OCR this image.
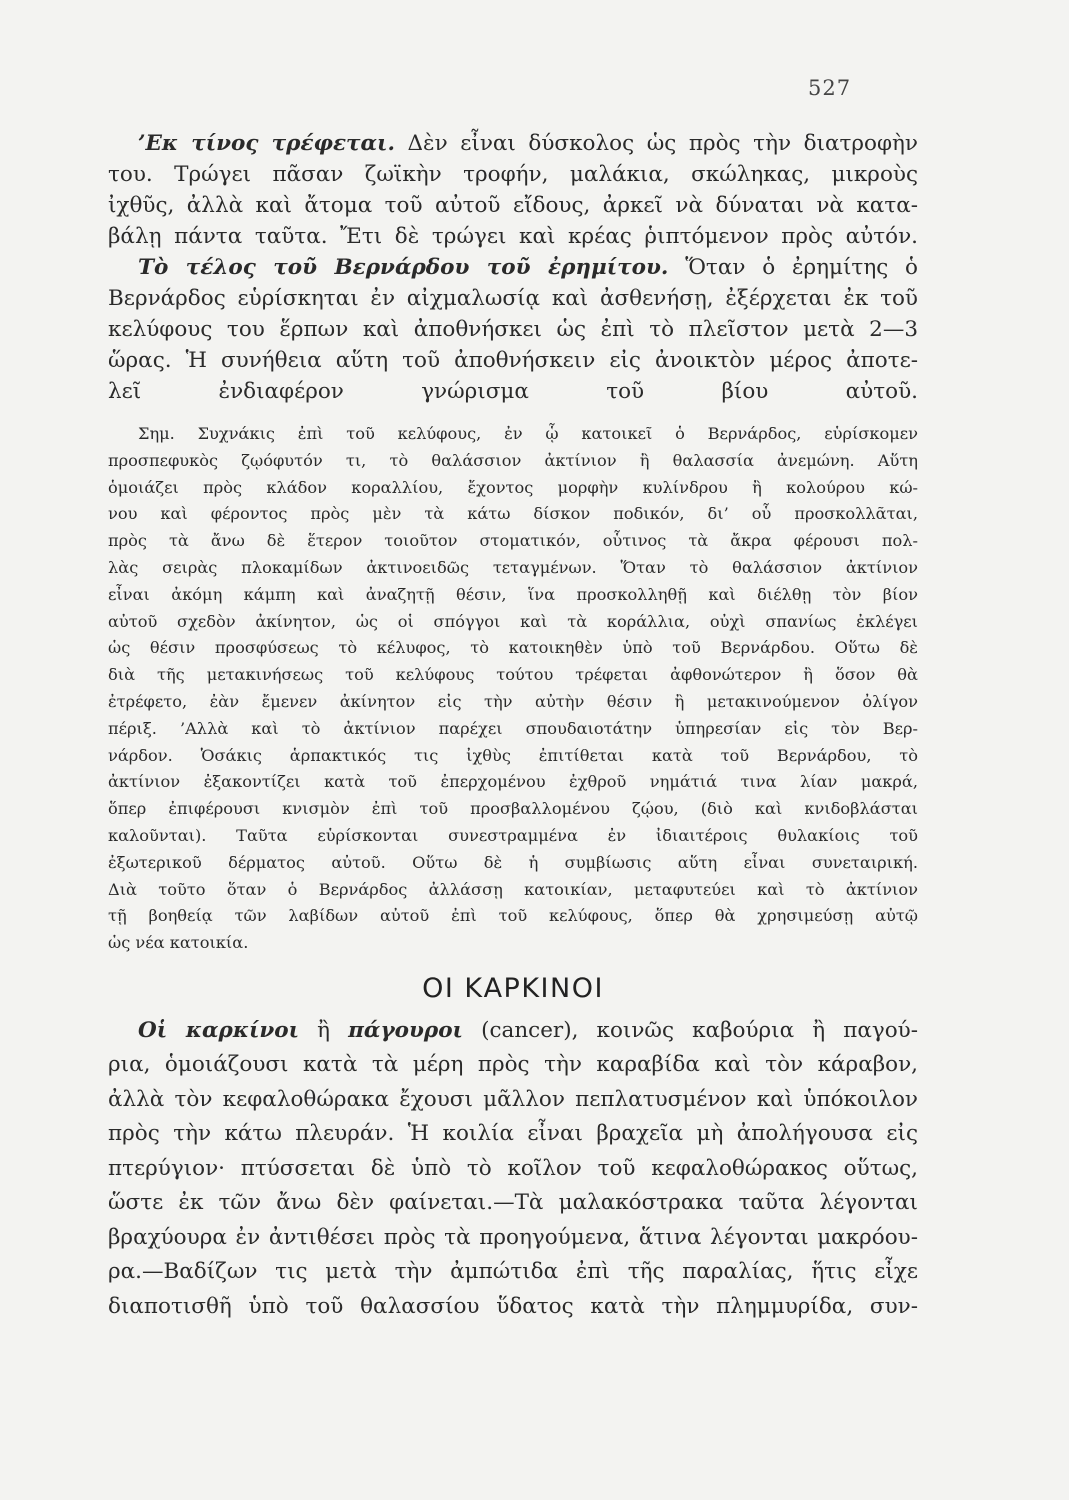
527
’Εκ τίνος τρέφεται. Δὲν εἶναι δύσκολος ὡς πρὸς τὴν διατροφὴν
του. Τρώγει πᾶσαν ζωϊκὴν τροφήν, μαλάκια, σκώληκας, μικροὺς
ἰχθῦς, ἀλλὰ καὶ ἄτομα τοῦ αὐτοῦ εἴδους, ἀρκεῖ νὰ δύναται νὰ κατα-
βάλῃ πάντα ταῦτα. Ἔτι δὲ τρώγει καὶ κρέας ῥιπτόμενον πρὸς αὐτόν.
Τὸ τέλος τοῦ Βερνάρδου τοῦ ἐρημίτου. Ὅταν ὁ ἐρημίτης ὁ
Βερνάρδος εὑρίσκηται ἐν αἰχμαλωσίᾳ καὶ ἀσθενήσῃ, ἐξέρχεται ἐκ τοῦ
κελύφους του ἕρπων καὶ ἀποθνήσκει ὡς ἐπὶ τὸ πλεῖστον μετὰ 2—3
ὥρας. Ἡ συνήθεια αὕτη τοῦ ἀποθνήσκειν εἰς ἀνοικτὸν μέρος ἀποτε-
λεῖ ἐνδιαφέρον γνώρισμα τοῦ βίου αὐτοῦ.
Σημ. Συχνάκις ἐπὶ τοῦ κελύφους, ἐν ᾧ κατοικεῖ ὁ Βερνάρδος, εὑρίσκομεν
προσπεφυκὸς ζῳόφυτόν τι, τὸ θαλάσσιον ἀκτίνιον ἢ θαλασσία ἀνεμώνη. Αὕτη
ὁμοιάζει πρὸς κλάδον κοραλλίου, ἔχοντος μορφὴν κυλίνδρου ἢ κολούρου κώ-
νου καὶ φέροντος πρὸς μὲν τὰ κάτω δίσκον ποδικόν, δι’ οὗ προσκολλᾶται,
πρὸς τὰ ἄνω δὲ ἕτερον τοιοῦτον στοματικόν, οὗτινος τὰ ἄκρα φέρουσι πολ-
λὰς σειρὰς πλοκαμίδων ἀκτινοειδῶς τεταγμένων. Ὅταν τὸ θαλάσσιον ἀκτίνιον
εἶναι ἀκόμη κάμπη καὶ ἀναζητῇ θέσιν, ἵνα προσκολληθῇ καὶ διέλθῃ τὸν βίον
αὐτοῦ σχεδὸν ἀκίνητον, ὡς οἱ σπόγγοι καὶ τὰ κοράλλια, οὐχὶ σπανίως ἐκλέγει
ὡς θέσιν προσφύσεως τὸ κέλυφος, τὸ κατοικηθὲν ὑπὸ τοῦ Βερνάρδου. Οὕτω δὲ
διὰ τῆς μετακινήσεως τοῦ κελύφους τούτου τρέφεται ἀφθονώτερον ἢ ὅσον θὰ
ἐτρέφετο, ἐὰν ἔμενεν ἀκίνητον εἰς τὴν αὐτὴν θέσιν ἢ μετακινούμενον ὀλίγον
πέριξ. ’Αλλὰ καὶ τὸ ἀκτίνιον παρέχει σπουδαιοτάτην ὑπηρεσίαν εἰς τὸν Βερ-
νάρδον. Ὁσάκις ἁρπακτικός τις ἰχθὺς ἐπιτίθεται κατὰ τοῦ Βερνάρδου, τὸ
ἀκτίνιον ἐξακοντίζει κατὰ τοῦ ἐπερχομένου ἐχθροῦ νημάτιά τινα λίαν μακρά,
ὅπερ ἐπιφέρουσι κνισμὸν ἐπὶ τοῦ προσβαλλομένου ζῴου, (διὸ καὶ κνιδοβλάσται
καλοῦνται). Ταῦτα εὑρίσκονται συνεστραμμένα ἐν ἰδιαιτέροις θυλακίοις τοῦ
ἐξωτερικοῦ δέρματος αὐτοῦ. Οὕτω δὲ ἡ συμβίωσις αὕτη εἶναι συνεταιρική.
Διὰ τοῦτο ὅταν ὁ Βερνάρδος ἀλλάσσῃ κατοικίαν, μεταφυτεύει καὶ τὸ ἀκτίνιον
τῇ βοηθείᾳ τῶν λαβίδων αὐτοῦ ἐπὶ τοῦ κελύφους, ὅπερ θὰ χρησιμεύσῃ αὐτῷ
ὡς νέα κατοικία.
ΟΙ ΚΑΡΚΙΝΟΙ
Οἱ καρκίνοι ἢ πάγουροι (cancer), κοινῶς καβούρια ἢ παγού-
ρια, ὁμοιάζουσι κατὰ τὰ μέρη πρὸς τὴν καραβίδα καὶ τὸν κάραβον,
ἀλλὰ τὸν κεφαλοθώρακα ἔχουσι μᾶλλον πεπλατυσμένον καὶ ὑπόκοιλον
πρὸς τὴν κάτω πλευράν. Ἡ κοιλία εἶναι βραχεῖα μὴ ἀπολήγουσα εἰς
πτερύγιον· πτύσσεται δὲ ὑπὸ τὸ κοῖλον τοῦ κεφαλοθώρακος οὕτως,
ὥστε ἐκ τῶν ἄνω δὲν φαίνεται.—Τὰ μαλακόστρακα ταῦτα λέγονται
βραχύουρα ἐν ἀντιθέσει πρὸς τὰ προηγούμενα, ἅτινα λέγονται μακρόου-
ρα.—Βαδίζων τις μετὰ τὴν ἀμπώτιδα ἐπὶ τῆς παραλίας, ἥτις εἶχε
διαποτισθῆ ὑπὸ τοῦ θαλασσίου ὕδατος κατὰ τὴν πλημμυρίδα, συν-
